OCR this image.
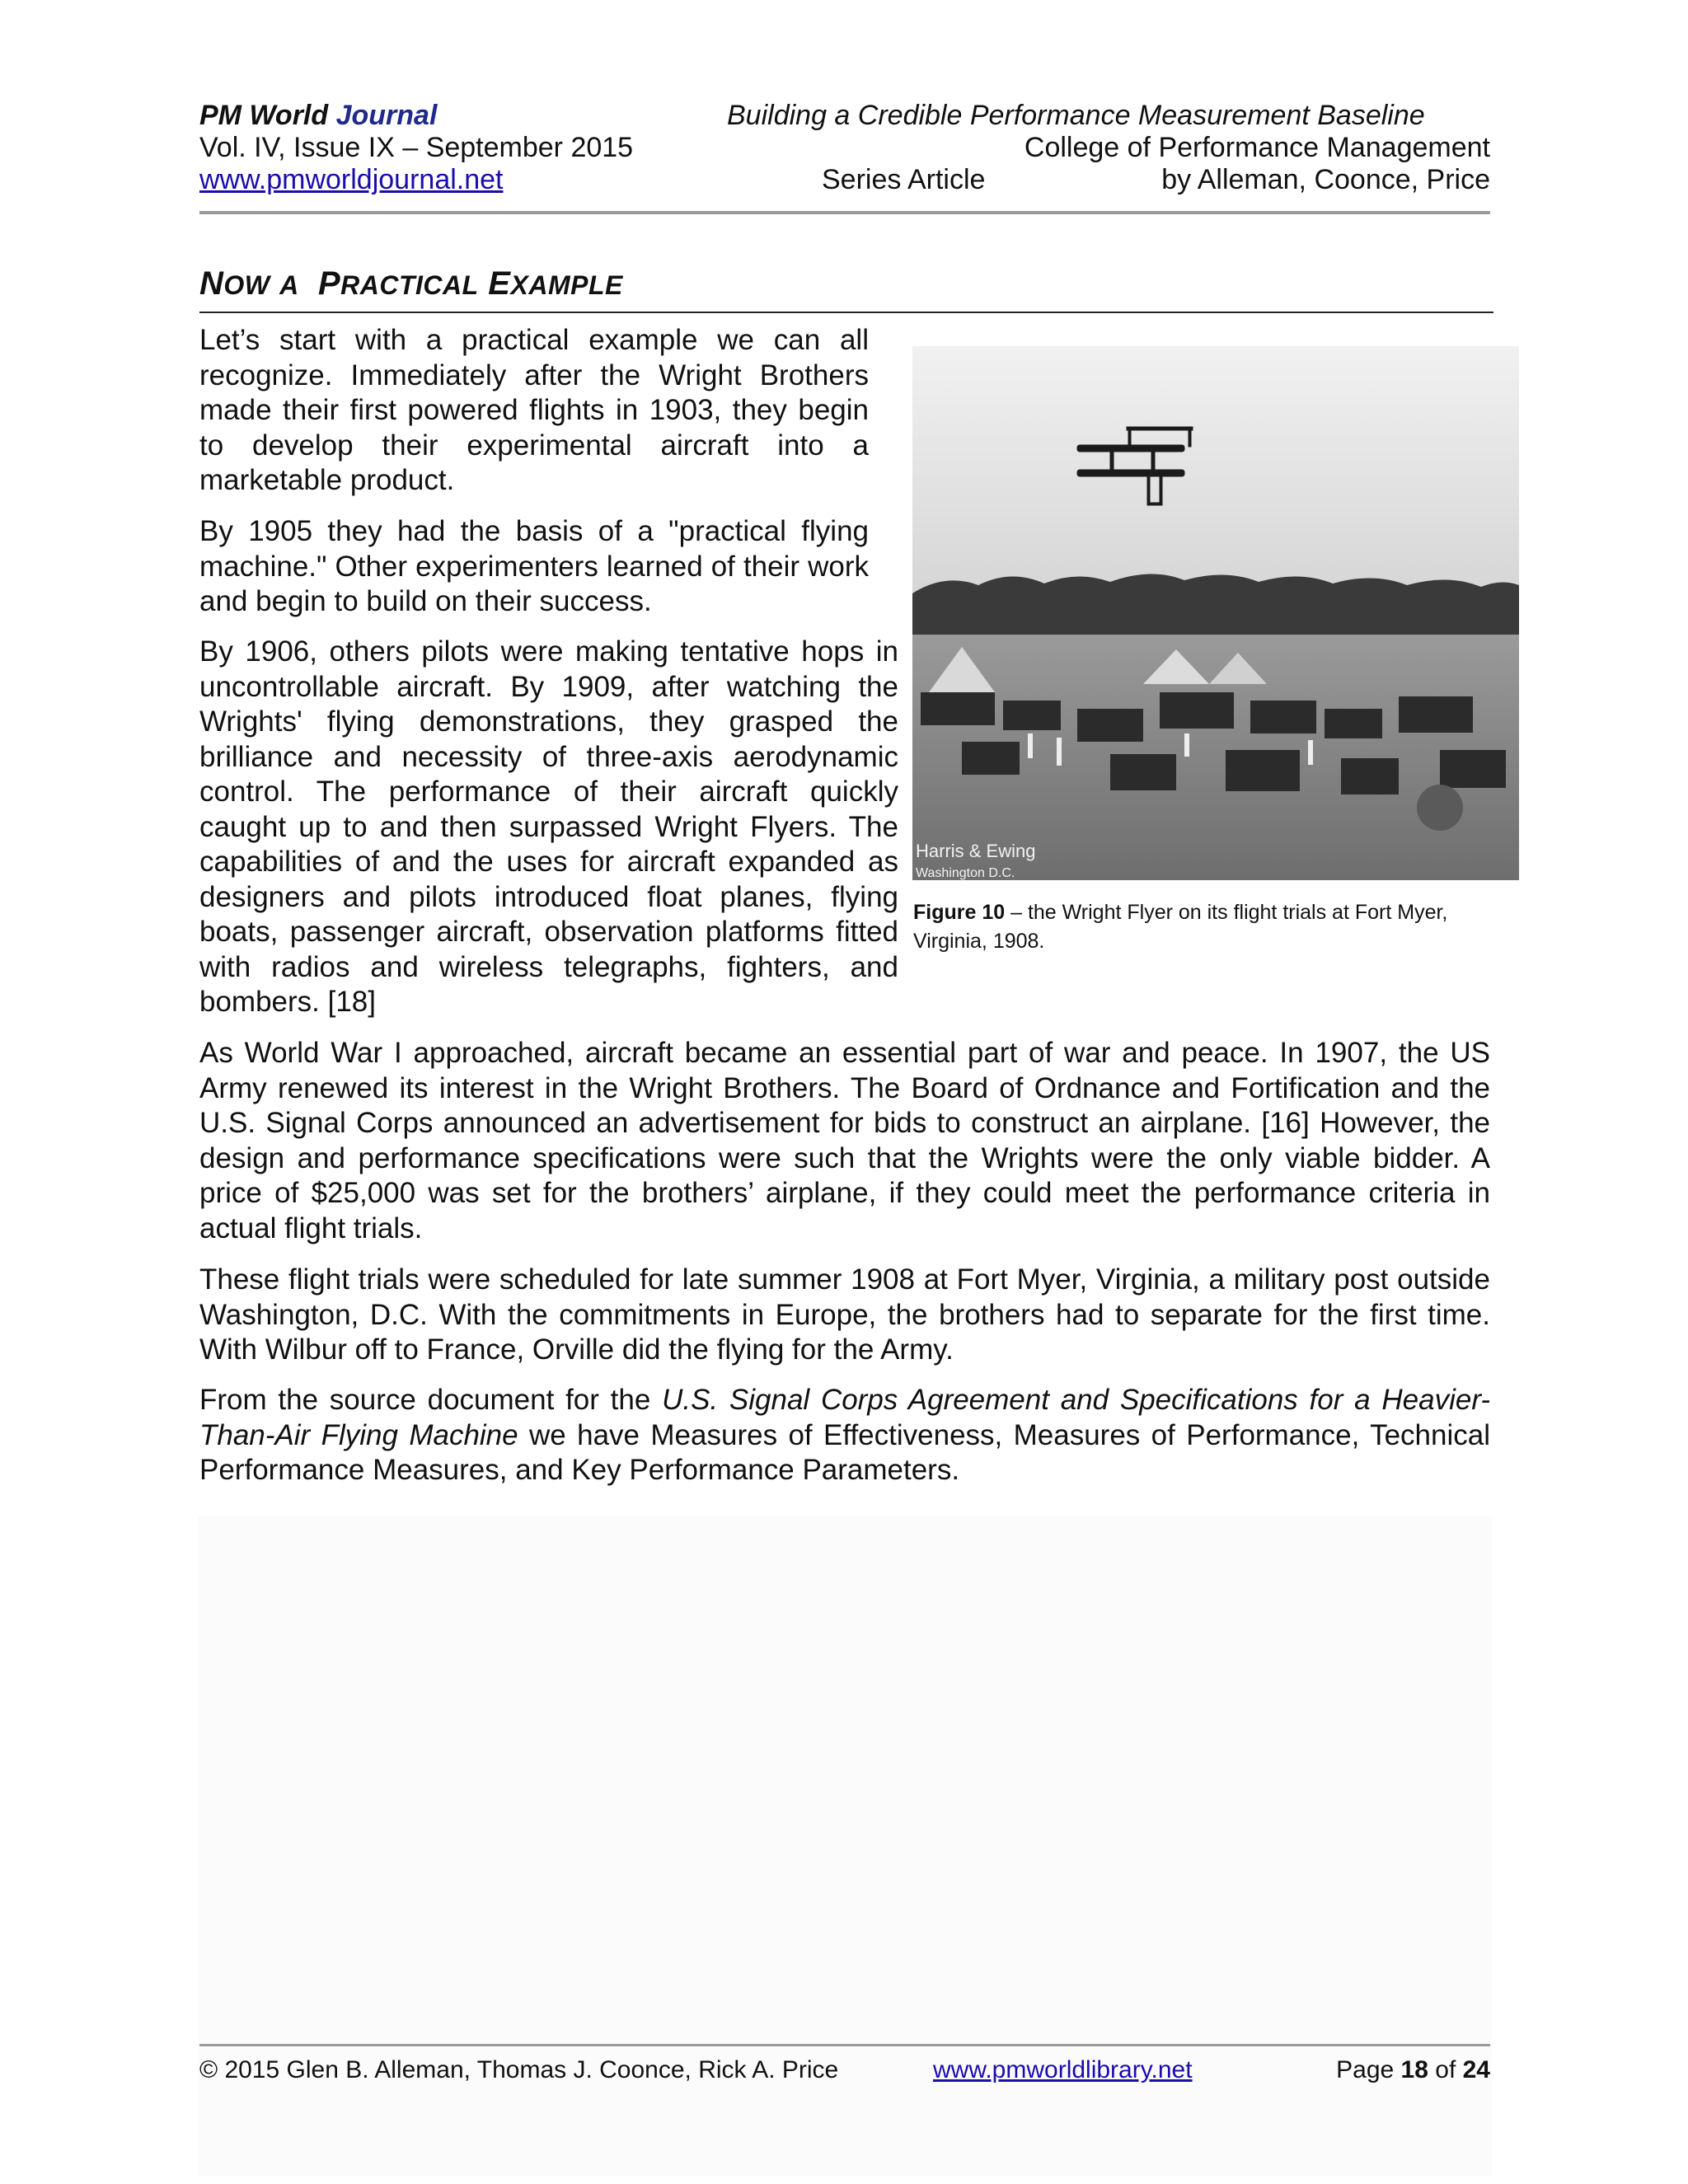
PM World Journal	Building a Credible Performance Measurement Baseline
Vol. IV, Issue IX – September 2015	College of Performance Management
www.pmworldjournal.net	Series Article	by Alleman, Coonce, Price
NOW A PRACTICAL EXAMPLE

Let’s start with a practical example we can all recognize. Immediately after the Wright Brothers made their first powered flights in 1903, they begin to develop their experimental aircraft into a marketable product.

By 1905 they had the basis of a "practical flying machine." Other experimenters learned of their work and begin to build on their success.

By 1906, others pilots were making tentative hops in uncontrollable aircraft. By 1909, after watching the Wrights' flying demonstrations, they grasped the brilliance and necessity of three-axis aerodynamic control. The performance of their aircraft quickly caught up to and then surpassed Wright Flyers. The capabilities of and the uses for aircraft expanded as designers and pilots introduced float planes, flying boats, passenger aircraft, observation platforms fitted with radios and wireless telegraphs, fighters, and bombers. [18]

Harris & Ewing
Washington D.C.
Figure 10 – the Wright Flyer on its flight trials at Fort Myer, Virginia, 1908.

As World War I approached, aircraft became an essential part of war and peace. In 1907, the US Army renewed its interest in the Wright Brothers. The Board of Ordnance and Fortification and the U.S. Signal Corps announced an advertisement for bids to construct an airplane. [16] However, the design and performance specifications were such that the Wrights were the only viable bidder. A price of $25,000 was set for the brothers’ airplane, if they could meet the performance criteria in actual flight trials.

These flight trials were scheduled for late summer 1908 at Fort Myer, Virginia, a military post outside Washington, D.C. With the commitments in Europe, the brothers had to separate for the first time. With Wilbur off to France, Orville did the flying for the Army.

From the source document for the U.S. Signal Corps Agreement and Specifications for a Heavier-Than-Air Flying Machine we have Measures of Effectiveness, Measures of Performance, Technical Performance Measures, and Key Performance Parameters.

© 2015 Glen B. Alleman, Thomas J. Coonce, Rick A. Price	www.pmworldlibrary.net	Page 18 of 24
